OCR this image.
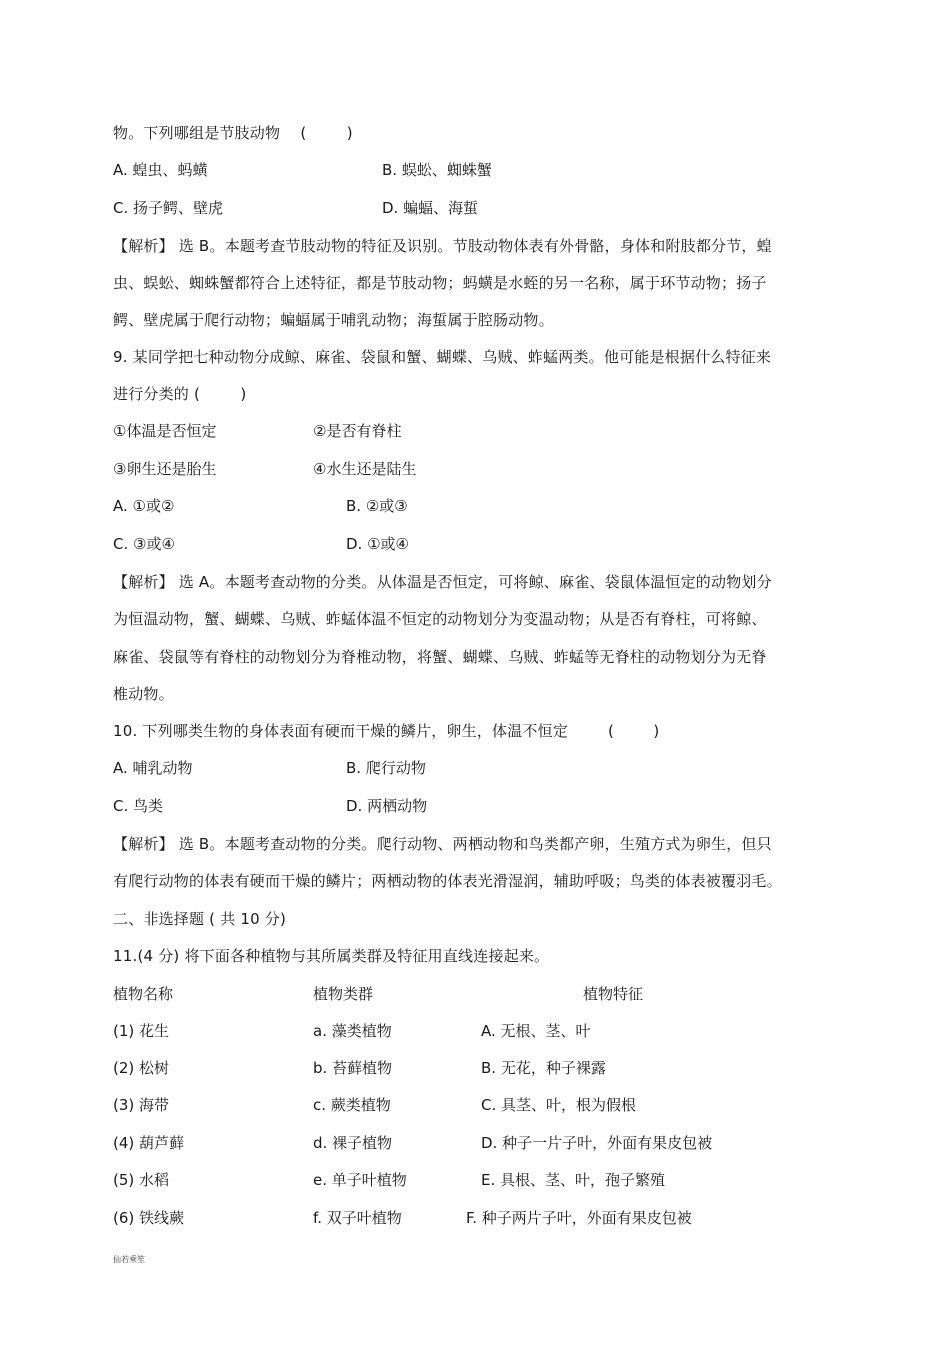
物。下列哪组是节肢动物 　( 　 　)
A. 蝗虫、蚂蟥	B. 蜈蚣、蜘蛛蟹
C. 扬子鳄、壁虎	D. 蝙蝠、海蜇
【解析】 选 B。本题考查节肢动物的特征及识别。节肢动物体表有外骨骼，身体和附肢都分节，蝗
虫、蜈蚣、蜘蛛蟹都符合上述特征，都是节肢动物；蚂蟥是水蛭的另一名称，属于环节动物；扬子
鳄、壁虎属于爬行动物；蝙蝠属于哺乳动物；海蜇属于腔肠动物。
9. 某同学把七种动物分成鲸、麻雀、袋鼠和蟹、蝴蝶、乌贼、蚱蜢两类。他可能是根据什么特征来
进行分类的 ( 　 　)
①体温是否恒定	②是否有脊柱
③卵生还是胎生	④水生还是陆生
A. ①或②	B. ②或③
C. ③或④	D. ①或④
【解析】 选 A。本题考查动物的分类。从体温是否恒定，可将鲸、麻雀、袋鼠体温恒定的动物划分
为恒温动物，蟹、蝴蝶、乌贼、蚱蜢体温不恒定的动物划分为变温动物；从是否有脊柱，可将鲸、
麻雀、袋鼠等有脊柱的动物划分为脊椎动物，将蟹、蝴蝶、乌贼、蚱蜢等无脊柱的动物划分为无脊
椎动物。
10. 下列哪类生物的身体表面有硬而干燥的鳞片，卵生，体温不恒定	( 　 　)
A. 哺乳动物	B. 爬行动物
C. 鸟类	D. 两栖动物
【解析】 选 B。本题考查动物的分类。爬行动物、两栖动物和鸟类都产卵，生殖方式为卵生，但只
有爬行动物的体表有硬而干燥的鳞片；两栖动物的体表光滑湿润，辅助呼吸；鸟类的体表被覆羽毛。
二、非选择题 ( 共 10 分)
11.(4 分) 将下面各种植物与其所属类群及特征用直线连接起来。
植物名称	植物类群	植物特征
(1) 花生	a. 藻类植物	A. 无根、茎、叶
(2) 松树	b. 苔藓植物	B. 无花，种子裸露
(3) 海带	c. 蕨类植物	C. 具茎、叶，根为假根
(4) 葫芦藓	d. 裸子植物	D. 种子一片子叶，外面有果皮包被
(5) 水稻	e. 单子叶植物	E. 具根、茎、叶，孢子繁殖
(6) 铁线蕨	f. 双子叶植物	F. 种子两片子叶，外面有果皮包被
仙若乘笙
